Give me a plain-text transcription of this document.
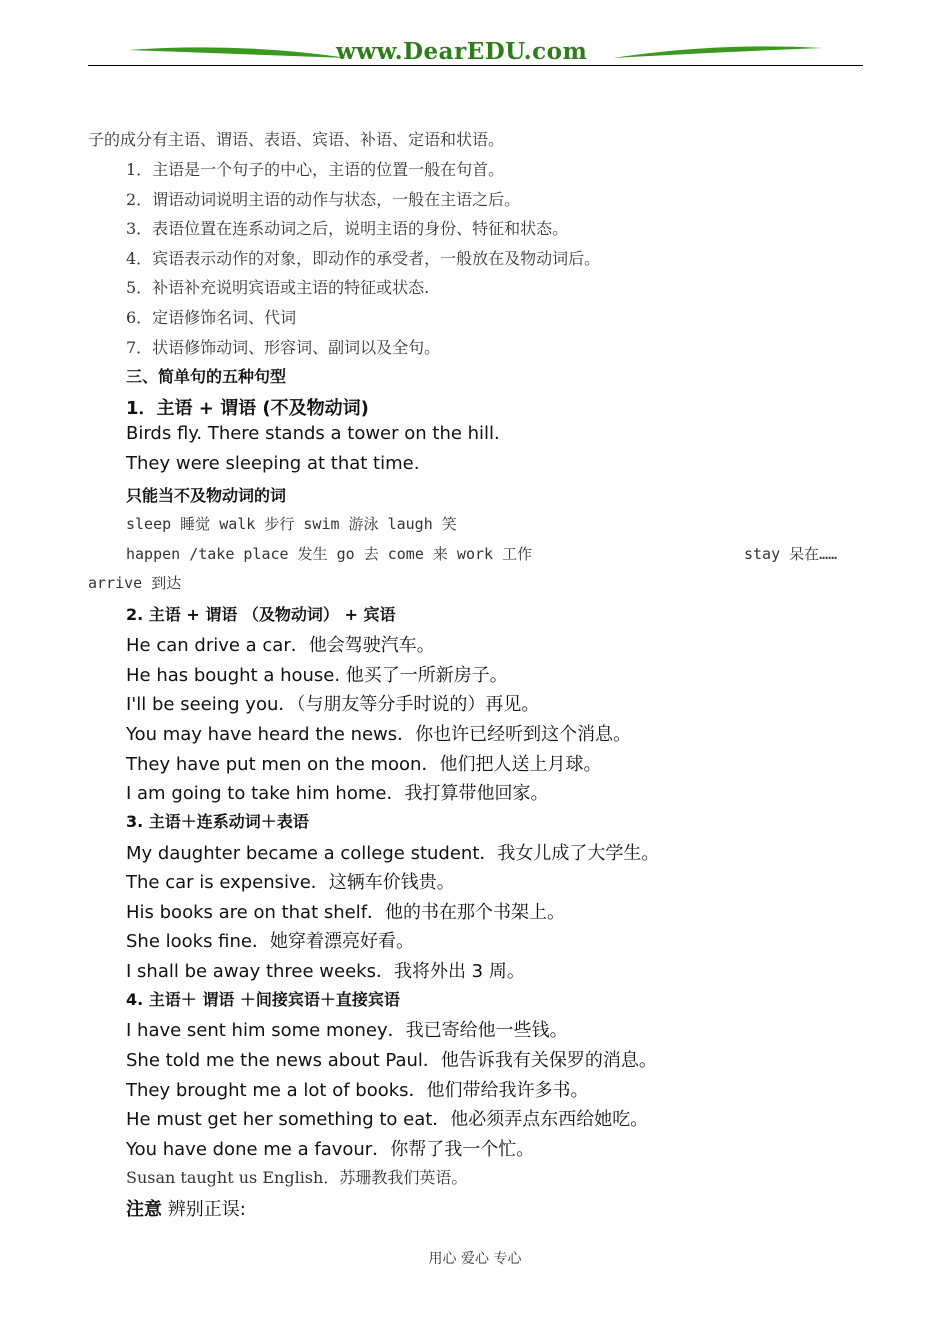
www.DearEDU.com
子的成分有主语、谓语、表语、宾语、补语、定语和状语。
1．主语是一个句子的中心，主语的位置一般在句首。
2．谓语动词说明主语的动作与状态，一般在主语之后。
3．表语位置在连系动词之后，说明主语的身份、特征和状态。
4．宾语表示动作的对象，即动作的承受者，一般放在及物动词后。
5．补语补充说明宾语或主语的特征或状态.
6．定语修饰名词、代词
7．状语修饰动词、形容词、副词以及全句。
三、简单句的五种句型
1．主语 + 谓语 (不及物动词)
Birds fly. There stands a tower on the hill.
They were sleeping at that time.
只能当不及物动词的词
sleep 睡觉 walk 步行 swim 游泳 laugh 笑
happen /take place 发生 go 去 come 来 work 工作	stay 呆在……
arrive 到达
2. 主语 + 谓语 （及物动词） + 宾语
He can drive a car．他会驾驶汽车。
He has bought a house. 他买了一所新房子。
I'll be seeing you．（与朋友等分手时说的）再见。
You may have heard the news．你也许已经听到这个消息。
They have put men on the moon．他们把人送上月球。
I am going to take him home．我打算带他回家。
3. 主语＋连系动词＋表语
My daughter became a college student．我女儿成了大学生。
The car is expensive．这辆车价钱贵。
His books are on that shelf．他的书在那个书架上。
She looks fine．她穿着漂亮好看。
I shall be away three weeks．我将外出 3 周。
4. 主语＋ 谓语 ＋间接宾语＋直接宾语
I have sent him some money．我已寄给他一些钱。
She told me the news about Paul．他告诉我有关保罗的消息。
They brought me a lot of books．他们带给我许多书。
He must get her something to eat．他必须弄点东西给她吃。
You have done me a favour．你帮了我一个忙。
Susan taught us English．苏珊教我们英语。
注意 辨别正误:
用心 爱心 专心
